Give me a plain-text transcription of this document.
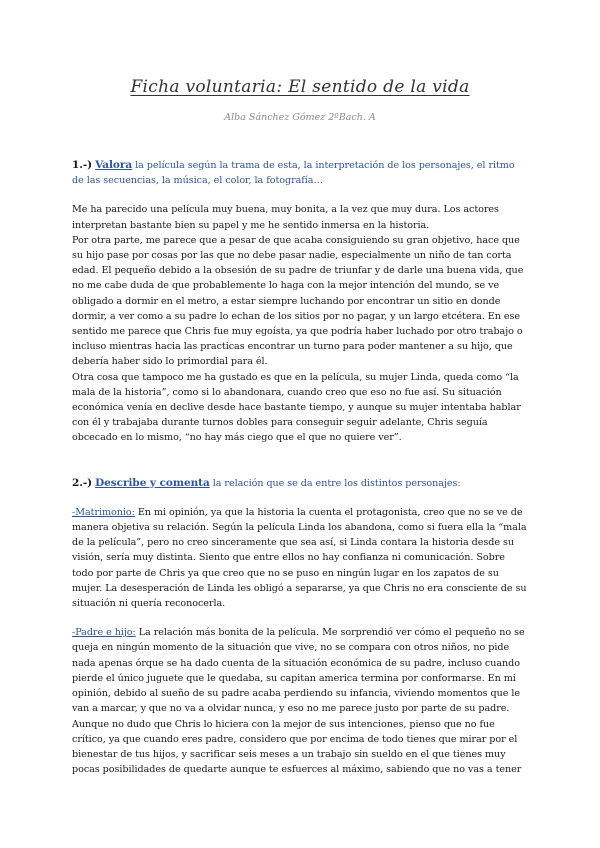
Ficha voluntaria: El sentido de la vida
Alba Sánchez Gómez 2ºBach. A

1.-) Valora la película según la trama de esta, la interpretación de los personajes, el ritmo de las secuencias, la música, el color, la fotografía…

Me ha parecido una película muy buena, muy bonita, a la vez que muy dura. Los actores interpretan bastante bien su papel y me he sentido inmersa en la historia.

Por otra parte, me parece que a pesar de que acaba consiguiendo su gran objetivo, hace que su hijo pase por cosas por las que no debe pasar nadie, especialmente un niño de tan corta edad. El pequeño debido a la obsesión de su padre de triunfar y de darle una buena vida, que no me cabe duda de que probablemente lo haga con la mejor intención del mundo, se ve obligado a dormir en el metro, a estar siempre luchando por encontrar un sitio en donde dormir, a ver como a su padre lo echan de los sitios por no pagar, y un largo etcétera. En ese sentido me parece que Chris fue muy egoísta, ya que podría haber luchado por otro trabajo o incluso mientras hacia las practicas encontrar un turno para poder mantener a su hijo, que debería haber sido lo primordial para él.

Otra cosa que tampoco me ha gustado es que en la película, su mujer Linda, queda como “la mala de la historia”, como si lo abandonara, cuando creo que eso no fue así. Su situación económica venía en declive desde hace bastante tiempo, y aunque su mujer intentaba hablar con él y trabajaba durante turnos dobles para conseguir seguir adelante, Chris seguía obcecado en lo mismo, “no hay más ciego que el que no quiere ver”.

2.-) Describe y comenta la relación que se da entre los distintos personajes:

-Matrimonio: En mi opinión, ya que la historia la cuenta el protagonista, creo que no se ve de manera objetiva su relación. Según la película Linda los abandona, como si fuera ella la “mala de la película”, pero no creo sinceramente que sea así, si Linda contara la historia desde su visión, sería muy distinta. Siento que entre ellos no hay confianza ni comunicación. Sobre todo por parte de Chris ya que creo que no se puso en ningún lugar en los zapatos de su mujer. La desesperación de Linda les obligó a separarse, ya que Chris no era consciente de su situación ni quería reconocerla.

-Padre e hijo: La relación más bonita de la película. Me sorprendió ver cómo el pequeño no se queja en ningún momento de la situación que vive, no se compara con otros niños, no pide nada apenas órque se ha dado cuenta de la situación económica de su padre, incluso cuando pierde el único juguete que le quedaba, su capitan america termina por conformarse. En mi opinión, debido al sueño de su padre acaba perdiendo su infancia, viviendo momentos que le van a marcar, y que no va a olvidar nunca, y eso no me parece justo por parte de su padre. Aunque no dudo que Chris lo hiciera con la mejor de sus intenciones, pienso que no fue crítico, ya que cuando eres padre, considero que por encima de todo tienes que mirar por el bienestar de tus hijos, y sacrificar seis meses a un trabajo sin sueldo en el que tienes muy pocas posibilidades de quedarte aunque te esfuerces al máximo, sabiendo que no vas a tener
